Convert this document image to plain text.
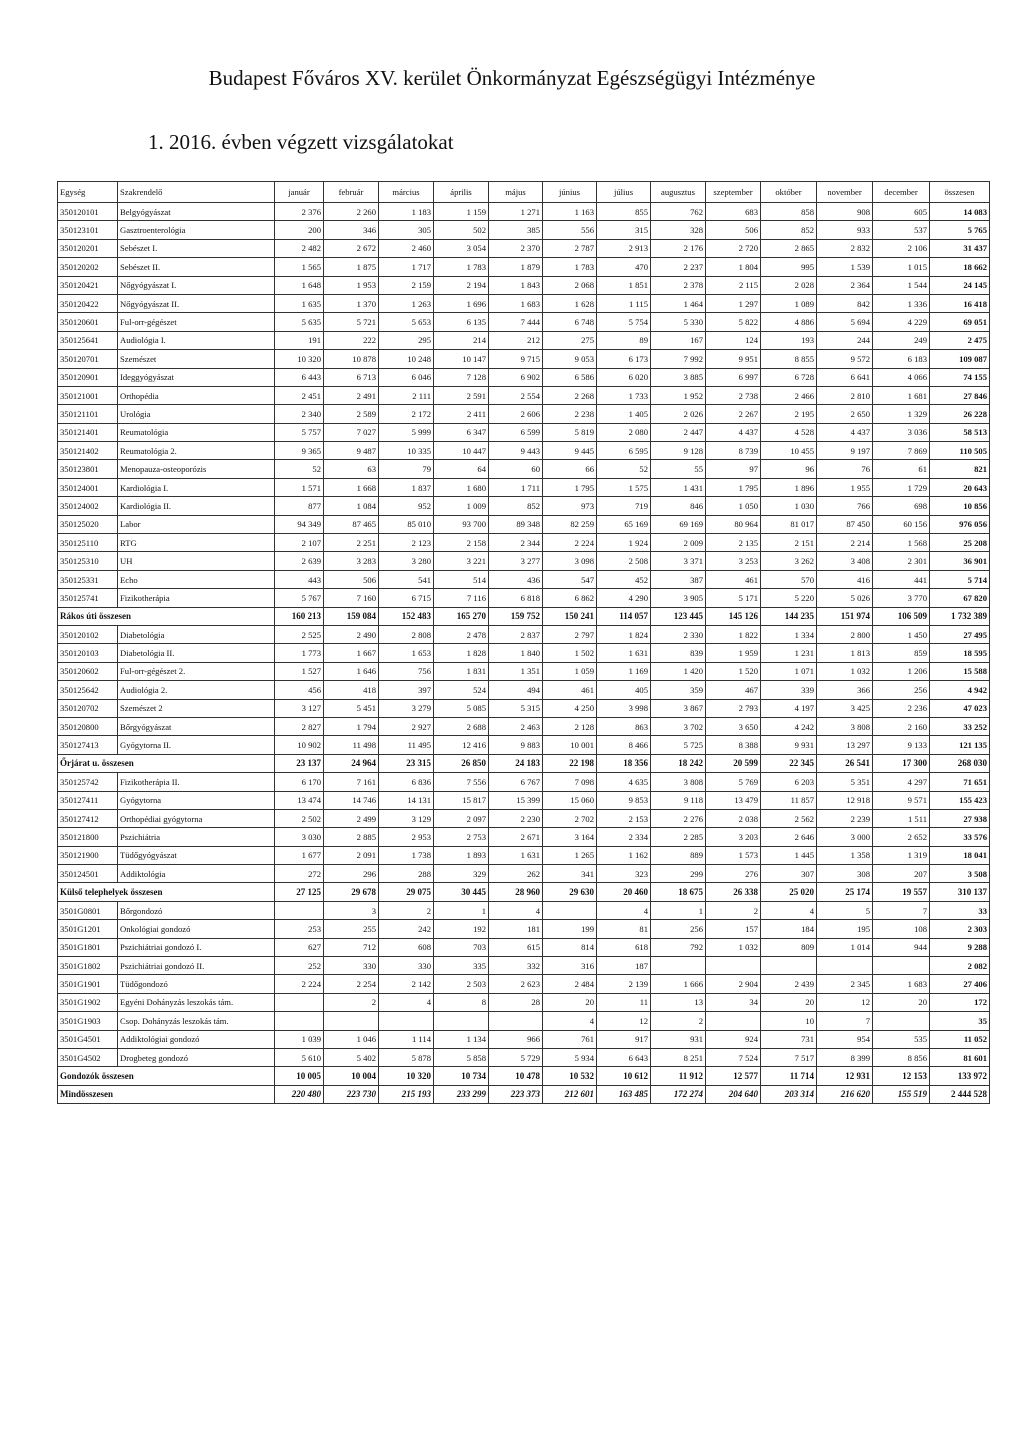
Budapest Főváros XV. kerület Önkormányzat Egészségügyi Intézménye
1. 2016. évben végzett vizsgálatokat
Egység	Szakrendelő	január	február	március	április	május	június	július	augusztus	szeptember	október	november	december	összesen
350120101	Belgyógyászat	2 376	2 260	1 183	1 159	1 271	1 163	855	762	683	858	908	605	14 083
350123101	Gasztroenterológia	200	346	305	502	385	556	315	328	506	852	933	537	5 765
350120201	Sebészet I.	2 482	2 672	2 460	3 054	2 370	2 787	2 913	2 176	2 720	2 865	2 832	2 106	31 437
350120202	Sebészet II.	1 565	1 875	1 717	1 783	1 879	1 783	470	2 237	1 804	995	1 539	1 015	18 662
350120421	Nőgyógyászat I.	1 648	1 953	2 159	2 194	1 843	2 068	1 851	2 378	2 115	2 028	2 364	1 544	24 145
350120422	Nőgyógyászat II.	1 635	1 370	1 263	1 696	1 683	1 628	1 115	1 464	1 297	1 089	842	1 336	16 418
350120601	Ful-orr-gégészet	5 635	5 721	5 653	6 135	7 444	6 748	5 754	5 330	5 822	4 886	5 694	4 229	69 051
350125641	Audiológia I.	191	222	295	214	212	275	89	167	124	193	244	249	2 475
350120701	Szemészet	10 320	10 878	10 248	10 147	9 715	9 053	6 173	7 992	9 951	8 855	9 572	6 183	109 087
350120901	Ideggyógyászat	6 443	6 713	6 046	7 128	6 902	6 586	6 020	3 885	6 997	6 728	6 641	4 066	74 155
350121001	Orthopédia	2 451	2 491	2 111	2 591	2 554	2 268	1 733	1 952	2 738	2 466	2 810	1 681	27 846
350121101	Urológia	2 340	2 589	2 172	2 411	2 606	2 238	1 405	2 026	2 267	2 195	2 650	1 329	26 228
350121401	Reumatológia	5 757	7 027	5 999	6 347	6 599	5 819	2 080	2 447	4 437	4 528	4 437	3 036	58 513
350121402	Reumatológia 2.	9 365	9 487	10 335	10 447	9 443	9 445	6 595	9 128	8 739	10 455	9 197	7 869	110 505
350123801	Menopauza-osteoporózis	52	63	79	64	60	66	52	55	97	96	76	61	821
350124001	Kardiológia I.	1 571	1 668	1 837	1 680	1 711	1 795	1 575	1 431	1 795	1 896	1 955	1 729	20 643
350124002	Kardiológia II.	877	1 084	952	1 009	852	973	719	846	1 050	1 030	766	698	10 856
350125020	Labor	94 349	87 465	85 010	93 700	89 348	82 259	65 169	69 169	80 964	81 017	87 450	60 156	976 056
350125110	RTG	2 107	2 251	2 123	2 158	2 344	2 224	1 924	2 009	2 135	2 151	2 214	1 568	25 208
350125310	UH	2 639	3 283	3 280	3 221	3 277	3 098	2 508	3 371	3 253	3 262	3 408	2 301	36 901
350125331	Echo	443	506	541	514	436	547	452	387	461	570	416	441	5 714
350125741	Fizikotherápia	5 767	7 160	6 715	7 116	6 818	6 862	4 290	3 905	5 171	5 220	5 026	3 770	67 820
Rákos úti összesen		160 213	159 084	152 483	165 270	159 752	150 241	114 057	123 445	145 126	144 235	151 974	106 509	1 732 389
350120102	Diabetológia	2 525	2 490	2 808	2 478	2 837	2 797	1 824	2 330	1 822	1 334	2 800	1 450	27 495
350120103	Diabetológia II.	1 773	1 667	1 653	1 828	1 840	1 502	1 631	839	1 959	1 231	1 813	859	18 595
350120602	Ful-orr-gégészet 2.	1 527	1 646	756	1 831	1 351	1 059	1 169	1 420	1 520	1 071	1 032	1 206	15 588
350125642	Audiológia 2.	456	418	397	524	494	461	405	359	467	339	366	256	4 942
350120702	Szemészet 2	3 127	5 451	3 279	5 085	5 315	4 250	3 998	3 867	2 793	4 197	3 425	2 236	47 023
350120800	Bőrgyógyászat	2 827	1 794	2 927	2 688	2 463	2 128	863	3 702	3 650	4 242	3 808	2 160	33 252
350127413	Gyógytorna II.	10 902	11 498	11 495	12 416	9 883	10 001	8 466	5 725	8 388	9 931	13 297	9 133	121 135
Őrjárat u. összesen		23 137	24 964	23 315	26 850	24 183	22 198	18 356	18 242	20 599	22 345	26 541	17 300	268 030
350125742	Fizikotherápia II.	6 170	7 161	6 836	7 556	6 767	7 098	4 635	3 808	5 769	6 203	5 351	4 297	71 651
350127411	Gyógytorna	13 474	14 746	14 131	15 817	15 399	15 060	9 853	9 118	13 479	11 857	12 918	9 571	155 423
350127412	Orthopédiai gyógytorna	2 502	2 499	3 129	2 097	2 230	2 702	2 153	2 276	2 038	2 562	2 239	1 511	27 938
350121800	Pszichiátria	3 030	2 885	2 953	2 753	2 671	3 164	2 334	2 285	3 203	2 646	3 000	2 652	33 576
350121900	Tüdőgyógyászat	1 677	2 091	1 738	1 893	1 631	1 265	1 162	889	1 573	1 445	1 358	1 319	18 041
350124501	Addiktológia	272	296	288	329	262	341	323	299	276	307	308	207	3 508
Külső telephelyek összesen		27 125	29 678	29 075	30 445	28 960	29 630	20 460	18 675	26 338	25 020	25 174	19 557	310 137
3501G0801	Bőrgondozó		3	2	1	4		4	1	2	4	5	7	33
3501G1201	Onkológiai gondozó	253	255	242	192	181	199	81	256	157	184	195	108	2 303
3501G1801	Pszichiátriai gondozó I.	627	712	608	703	615	814	618	792	1 032	809	1 014	944	9 288
3501G1802	Pszichiátriai gondozó II.	252	330	330	335	332	316	187						2 082
3501G1901	Tüdőgondozó	2 224	2 254	2 142	2 503	2 623	2 484	2 139	1 666	2 904	2 439	2 345	1 683	27 406
3501G1902	Egyéni Dohányzás leszokás tám.		2	4	8	28	20	11	13	34	20	12	20	172
3501G1903	Csop. Dohányzás leszokás tám.						4	12	2		10	7		35
3501G4501	Addiktológiai gondozó	1 039	1 046	1 114	1 134	966	761	917	931	924	731	954	535	11 052
3501G4502	Drogbeteg gondozó	5 610	5 402	5 878	5 858	5 729	5 934	6 643	8 251	7 524	7 517	8 399	8 856	81 601
Gondozók összesen		10 005	10 004	10 320	10 734	10 478	10 532	10 612	11 912	12 577	11 714	12 931	12 153	133 972
Mindösszesen		220 480	223 730	215 193	233 299	223 373	212 601	163 485	172 274	204 640	203 314	216 620	155 519	2 444 528
